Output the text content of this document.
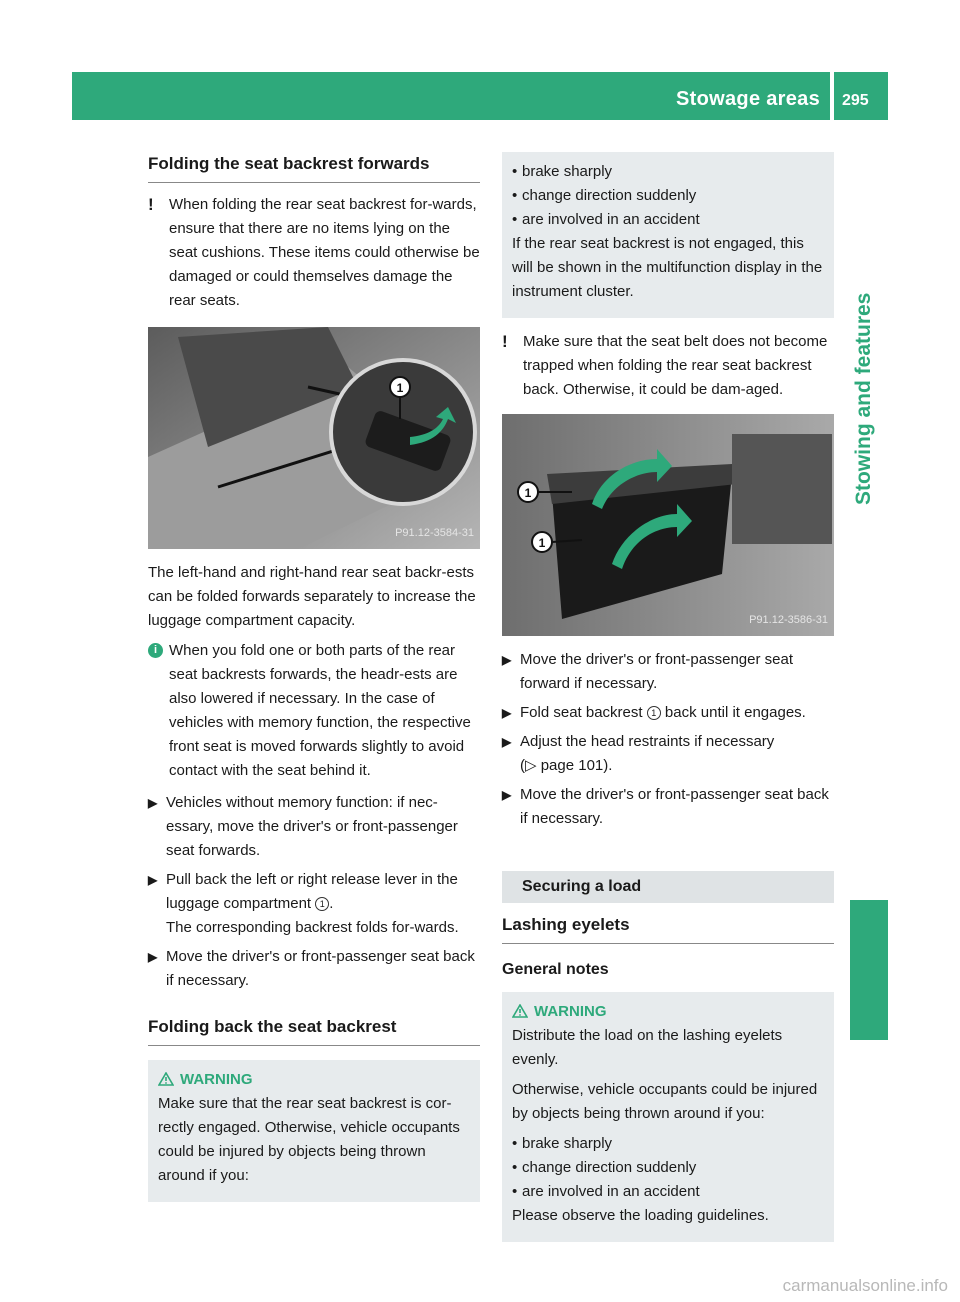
Stowage areas 295
Stowing and features
Folding the seat backrest forwards
! When folding the rear seat backrest for-wards, ensure that there are no items lying on the seat cushions. These items could otherwise be damaged or could themselves damage the rear seats.
1
P91.12-3584-31

The left-hand and right-hand rear seat backr-ests can be folded forwards separately to increase the luggage compartment capacity.

i When you fold one or both parts of the rear seat backrests forwards, the headr-ests are also lowered if necessary. In the case of vehicles with memory function, the respective front seat is moved forwards slightly to avoid contact with the seat behind it.
▶ Vehicles without memory function: if nec-essary, move the driver's or front-passenger seat forwards.
▶ Pull back the left or right release lever in the luggage compartment 1 .
The corresponding backrest folds for-wards.
▶ Move the driver's or front-passenger seat back if necessary.
Folding back the seat backrest
WARNING

Make sure that the rear seat backrest is cor-rectly engaged. Otherwise, vehicle occupants could be injured by objects being thrown around if you:

• brake sharply
• change direction suddenly
• are involved in an accident

If the rear seat backrest is not engaged, this will be shown in the multifunction display in the instrument cluster.

! Make sure that the seat belt does not become trapped when folding the rear seat backrest back. Otherwise, it could be dam-aged.
1
1
P91.12-3586-31
▶ Move the driver's or front-passenger seat forward if necessary.
▶ Fold seat backrest 1 back until it engages.
▶ Adjust the head restraints if necessary
(▷ page 101).
▶ Move the driver's or front-passenger seat back if necessary.
Securing a load
Lashing eyelets
General notes
WARNING

Distribute the load on the lashing eyelets evenly.

Otherwise, vehicle occupants could be injured by objects being thrown around if you:

• brake sharply
• change direction suddenly
• are involved in an accident

Please observe the loading guidelines.

carmanualsonline.info
